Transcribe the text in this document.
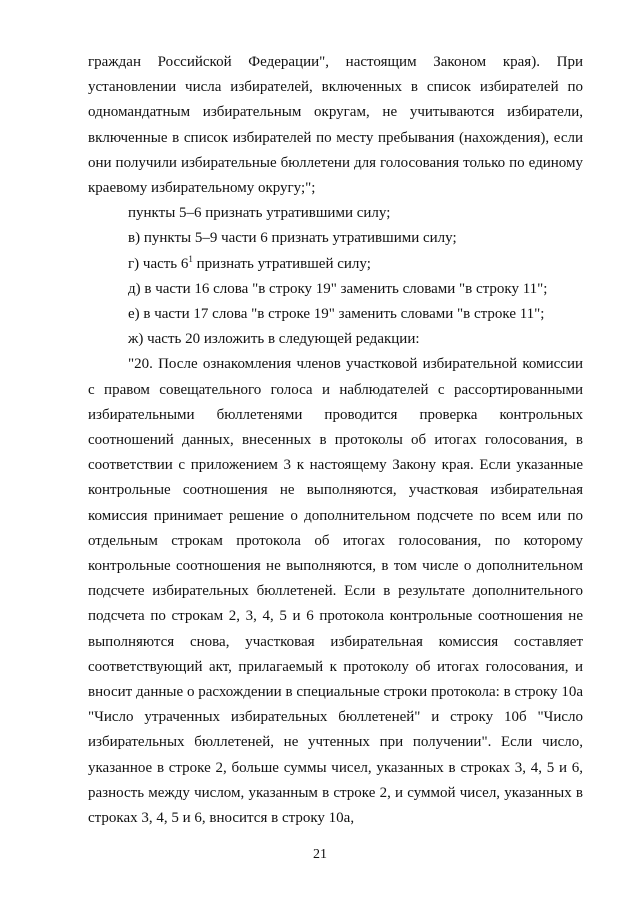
граждан Российской Федерации", настоящим Законом края). При установлении числа избирателей, включенных в список избирателей по одномандатным избирательным округам, не учитываются избиратели, включенные в список избирателей по месту пребывания (нахождения), если они получили избирательные бюллетени для голосования только по единому краевому избирательному округу;";

пункты 5–6 признать утратившими силу;

в) пункты 5–9 части 6 признать утратившими силу;

г) часть $6^1$ признать утратившей силу;

д) в части 16 слова "в строку 19" заменить словами "в строку 11";

е) в части 17 слова "в строке 19" заменить словами "в строке 11";

ж) часть 20 изложить в следующей редакции:

"20. После ознакомления членов участковой избирательной комиссии с правом совещательного голоса и наблюдателей с рассортированными избирательными бюллетенями проводится проверка контрольных соотношений данных, внесенных в протоколы об итогах голосования, в соответствии с приложением 3 к настоящему Закону края. Если указанные контрольные соотношения не выполняются, участковая избирательная комиссия принимает решение о дополнительном подсчете по всем или по отдельным строкам протокола об итогах голосования, по которому контрольные соотношения не выполняются, в том числе о дополнительном подсчете избирательных бюллетеней. Если в результате дополнительного подсчета по строкам 2, 3, 4, 5 и 6 протокола контрольные соотношения не выполняются снова, участковая избирательная комиссия составляет соответствующий акт, прилагаемый к протоколу об итогах голосования, и вносит данные о расхождении в специальные строки протокола: в строку 10а "Число утраченных избирательных бюллетеней" и строку 10б "Число избирательных бюллетеней, не учтенных при получении". Если число, указанное в строке 2, больше суммы чисел, указанных в строках 3, 4, 5 и 6, разность между числом, указанным в строке 2, и суммой чисел, указанных в строках 3, 4, 5 и 6, вносится в строку 10а,

21
